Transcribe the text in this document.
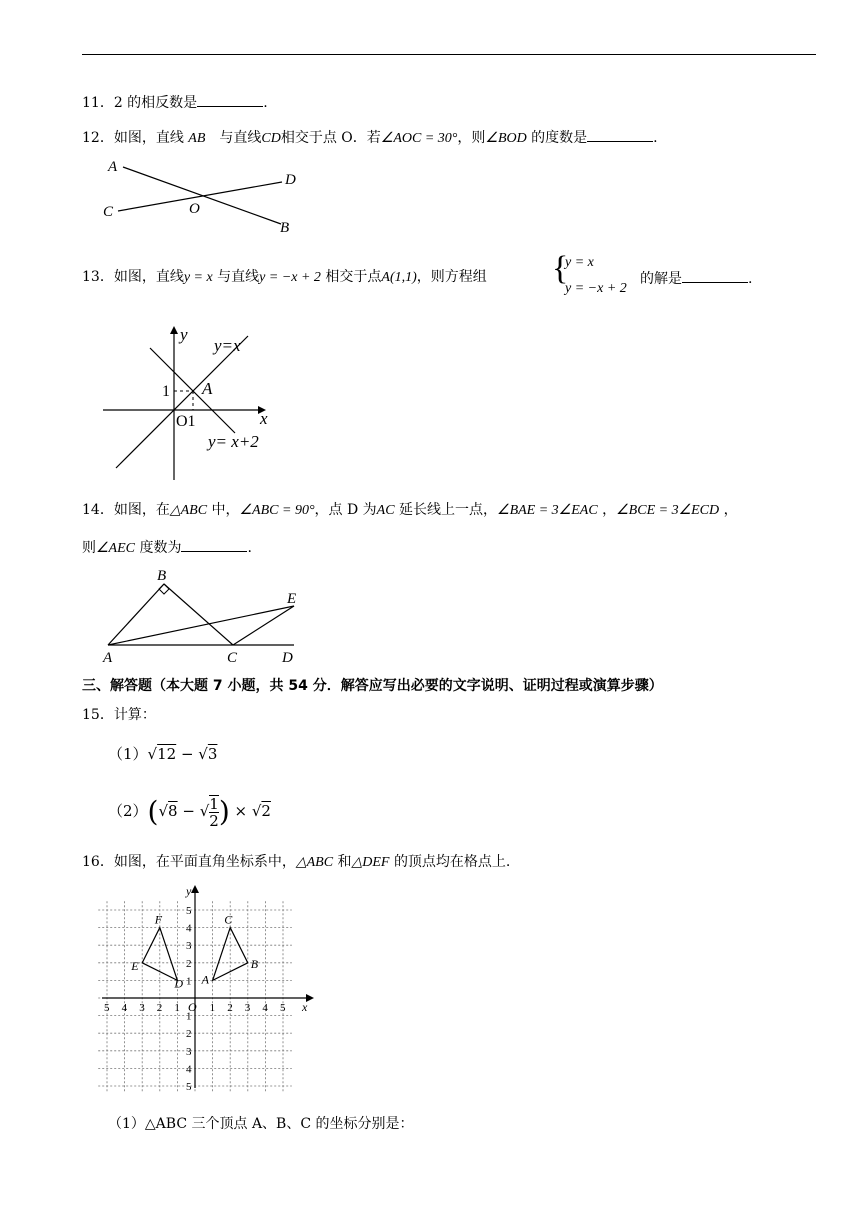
11．2 的相反数是	.
12．如图，直线 AB　 与直线CD相交于点 O．若∠AOC = 30°，则∠BOD 的度数是	.
A
D
C	O
B
13．如图，直线y = x 与直线y = −x + 2 相交于点A(1,1)，则方程组 {
y = x
y = −x + 2
的解是	.
y
x
y=x
y= x+2
1
O1
A
14．如图，在△ABC 中，∠ABC = 90°，点 D 为AC 延长线上一点，∠BAE = 3∠EAC ，∠BCE = 3∠ECD ，
则∠AEC 度数为	.
B
E
A	C	D
三、解答题（本大题 7 小题，共 54 分．解答应写出必要的文字说明、证明过程或演算步骤）
15．计算：
（1）√12 − √3
（2）(√8 − √ $\frac{1}{2}$ ) × √2
16．如图，在平面直角坐标系中，△ABC 和△DEF 的顶点均在格点上.
5 4 3 2 1	1 2 3 4 5
5
4
3
2
1
1
2
3
4
5
A
B
C
D
E
F
y
x
O
（1）△ABC 三个顶点 A、B、C 的坐标分别是：
